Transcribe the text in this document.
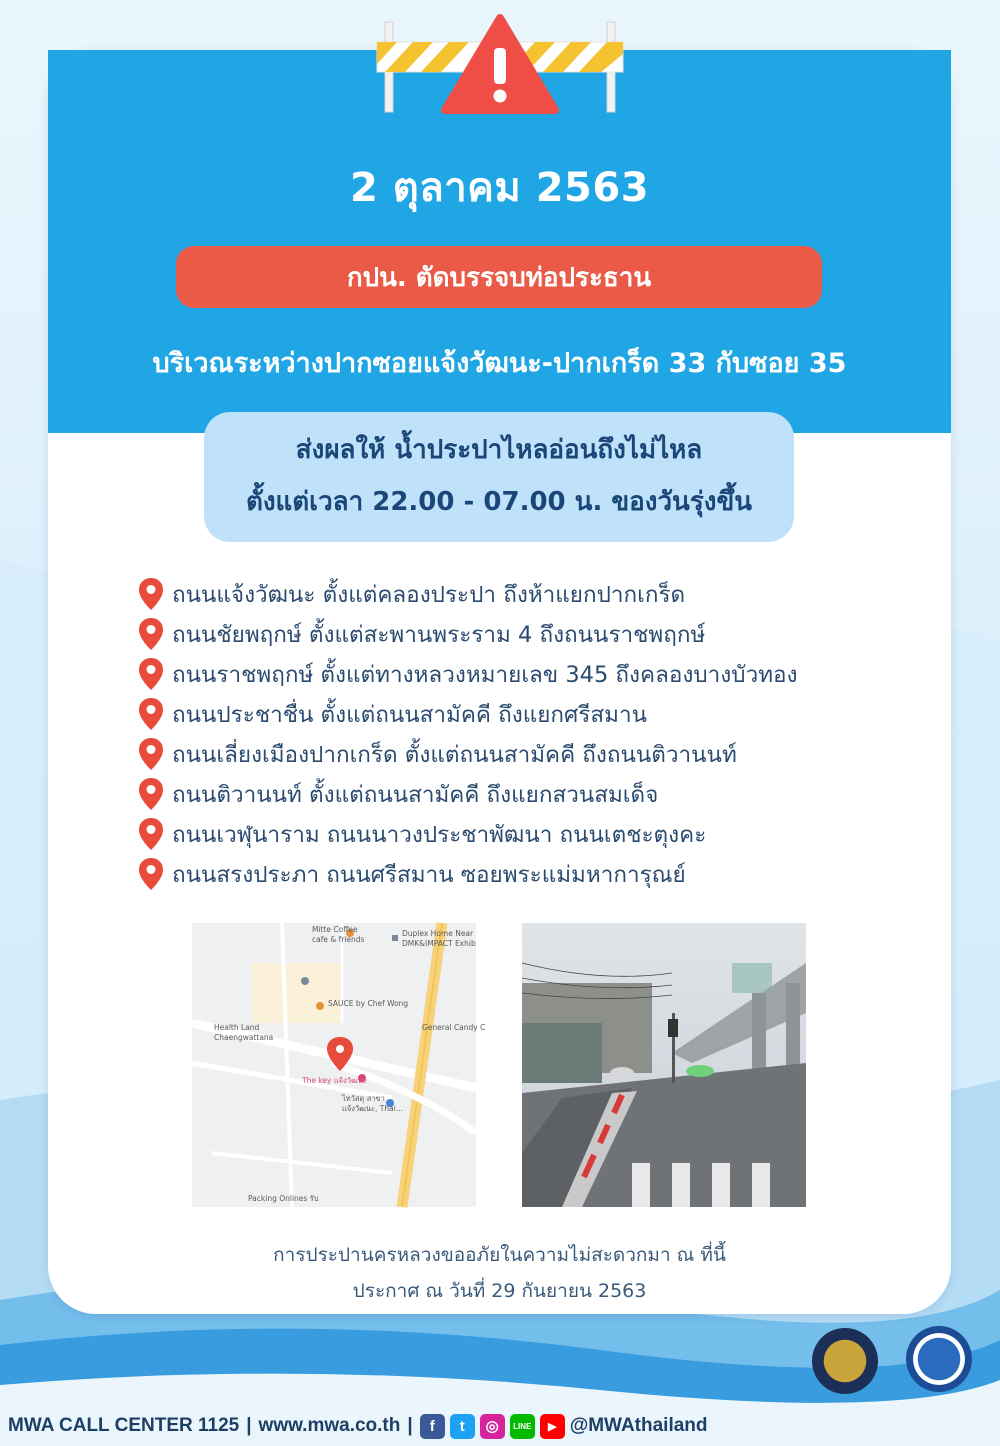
2 ตุลาคม 2563
กปน. ตัดบรรจบท่อประธาน
บริเวณระหว่างปากซอยแจ้งวัฒนะ-ปากเกร็ด 33 กับซอย 35
ส่งผลให้ น้ำประปาไหลอ่อนถึงไม่ไหล
ตั้งแต่เวลา 22.00 - 07.00 น. ของวันรุ่งขึ้น
ถนนแจ้งวัฒนะ ตั้งแต่คลองประปา ถึงห้าแยกปากเกร็ด
ถนนชัยพฤกษ์ ตั้งแต่สะพานพระราม 4 ถึงถนนราชพฤกษ์
ถนนราชพฤกษ์ ตั้งแต่ทางหลวงหมายเลข 345 ถึงคลองบางบัวทอง
ถนนประชาชื่น ตั้งแต่ถนนสามัคคี ถึงแยกศรีสมาน
ถนนเลี่ยงเมืองปากเกร็ด ตั้งแต่ถนนสามัคคี ถึงถนนติวานนท์
ถนนติวานนท์ ตั้งแต่ถนนสามัคคี ถึงแยกสวนสมเด็จ
ถนนเวฬุนาราม ถนนนาวงประชาพัฒนา ถนนเตชะตุงคะ
ถนนสรงประภา ถนนศรีสมาน ซอยพระแม่มหาการุณย์
Mitte Coffee
cafe & friends
Duplex Home Near
DMK&IMPACT Exhib
SAUCE by Chef Wong
Health Land
Chaengwattana
General Candy C
The key แจ้งวัฒนะ
ไทวัสดุ สาขา
แจ้งวัฒนะ, Thai...
Packing Onlines รับ
การประปานครหลวงขออภัยในความไม่สะดวกมา ณ ที่นี้
ประกาศ ณ วันที่ 29 กันยายน 2563
MWA CALL CENTER 1125 | www.mwa.co.th |	f	t	◎	LINE	▶ @MWAthailand
